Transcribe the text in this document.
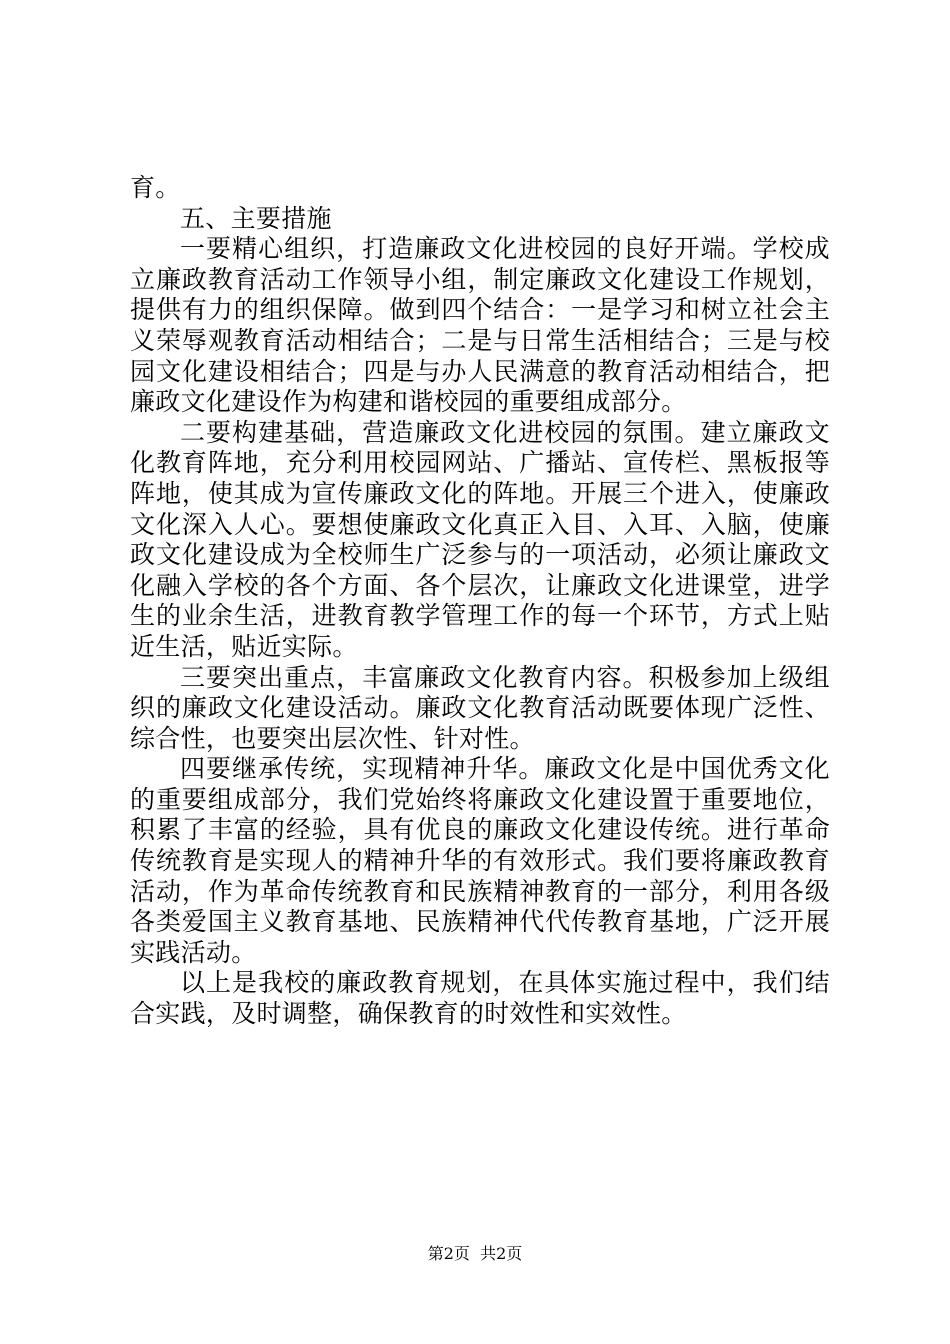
育。
五、主要措施
一要精心组织，打造廉政文化进校园的良好开端。学校成
立廉政教育活动工作领导小组，制定廉政文化建设工作规划，
提供有力的组织保障。做到四个结合：一是学习和树立社会主
义荣辱观教育活动相结合；二是与日常生活相结合；三是与校
园文化建设相结合；四是与办人民满意的教育活动相结合，把
廉政文化建设作为构建和谐校园的重要组成部分。
二要构建基础，营造廉政文化进校园的氛围。建立廉政文
化教育阵地，充分利用校园网站、广播站、宣传栏、黑板报等
阵地，使其成为宣传廉政文化的阵地。开展三个进入，使廉政
文化深入人心。要想使廉政文化真正入目、入耳、入脑，使廉
政文化建设成为全校师生广泛参与的一项活动，必须让廉政文
化融入学校的各个方面、各个层次，让廉政文化进课堂，进学
生的业余生活，进教育教学管理工作的每一个环节，方式上贴
近生活，贴近实际。
三要突出重点，丰富廉政文化教育内容。积极参加上级组
织的廉政文化建设活动。廉政文化教育活动既要体现广泛性、
综合性，也要突出层次性、针对性。
四要继承传统，实现精神升华。廉政文化是中国优秀文化
的重要组成部分，我们党始终将廉政文化建设置于重要地位，
积累了丰富的经验，具有优良的廉政文化建设传统。进行革命
传统教育是实现人的精神升华的有效形式。我们要将廉政教育
活动，作为革命传统教育和民族精神教育的一部分，利用各级
各类爱国主义教育基地、民族精神代代传教育基地，广泛开展
实践活动。
以上是我校的廉政教育规划，在具体实施过程中，我们结
合实践，及时调整，确保教育的时效性和实效性。
第2页  共2页
